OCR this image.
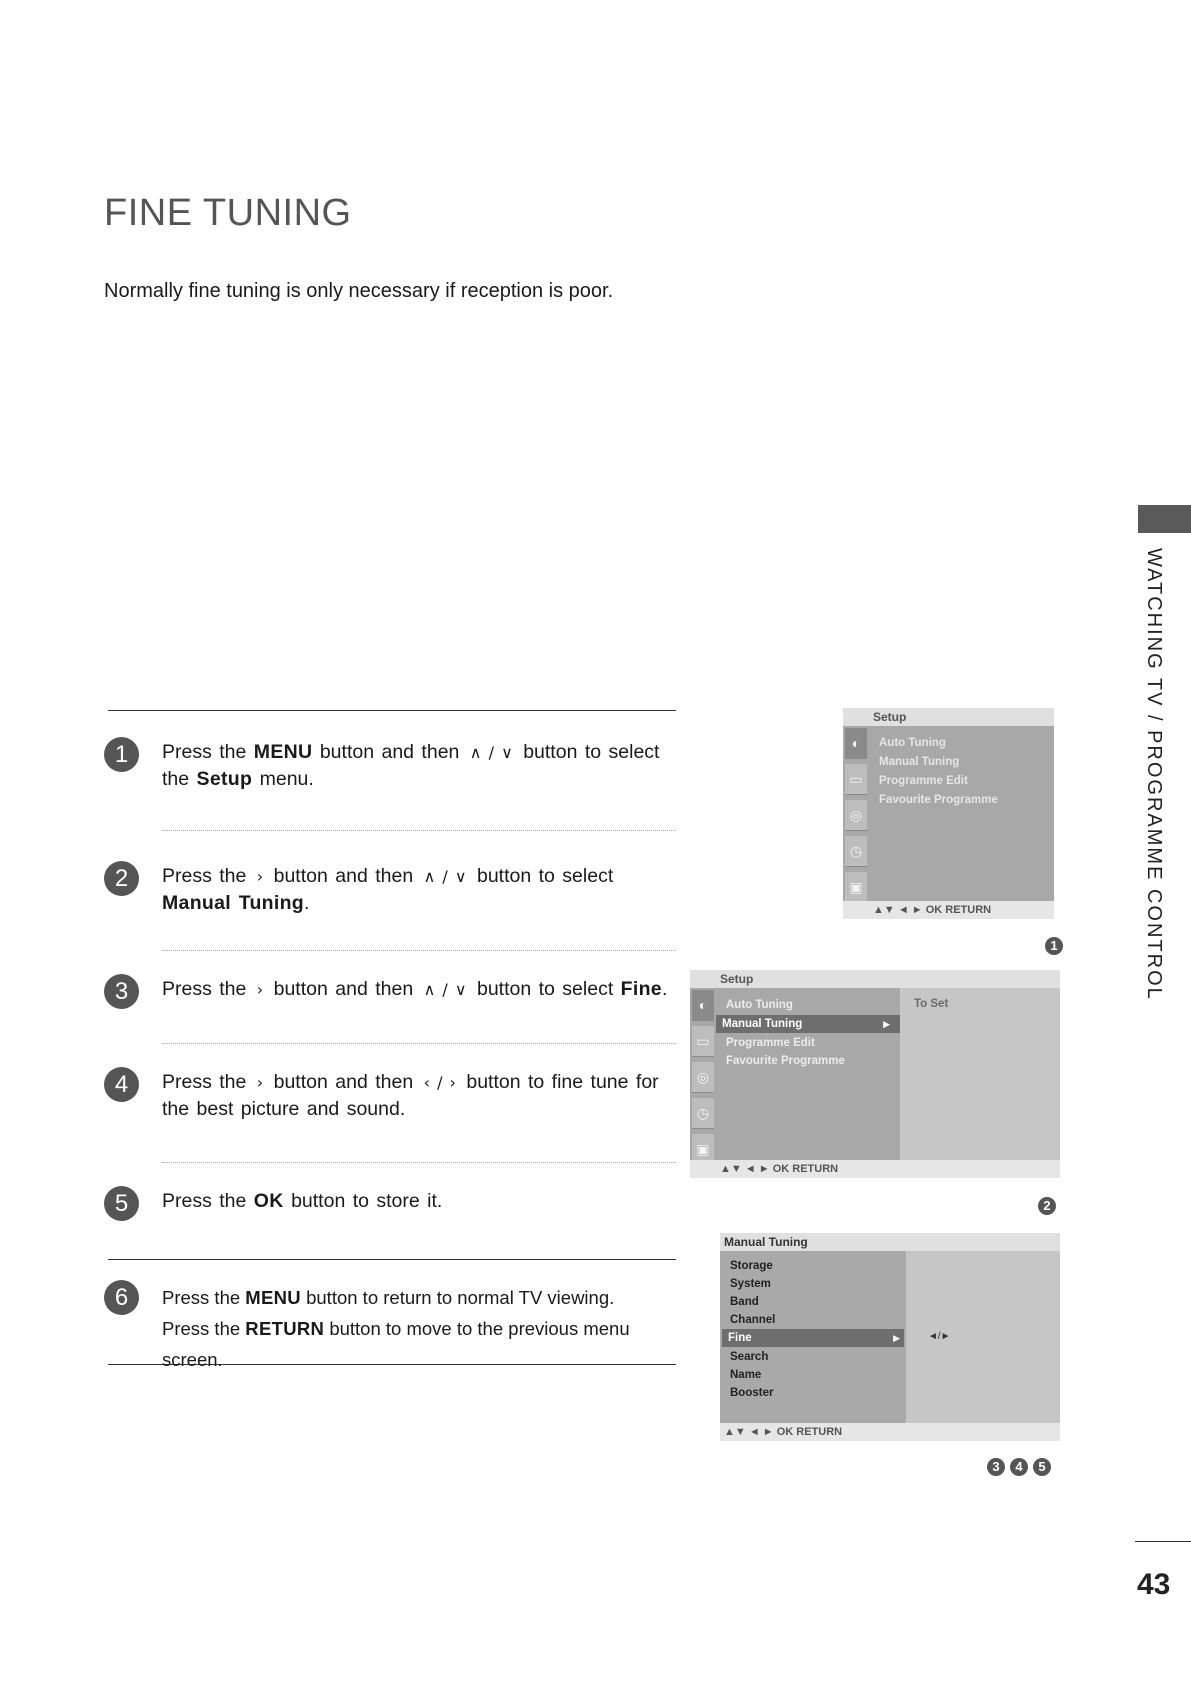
FINE TUNING

Normally fine tuning is only necessary if reception is poor.

WATCHING TV / PROGRAMME CONTROL
1	Press the MENU button and then ∧ / ∨ button to select the Setup menu.
2	Press the › button and then ∧ / ∨ button to select Manual Tuning.
3	Press the › button and then ∧ / ∨ button to select Fine.
4	Press the › button and then ‹ / › button to fine tune for the best picture and sound.
5	Press the OK button to store it.
6	Press the MENU button to return to normal TV viewing.
Press the RETURN button to move to the previous menu screen.
Setup
◐
▭
◎
◷
▣
Auto Tuning
Manual Tuning
Programme Edit
Favourite Programme
▲▼ ◄ ► OK RETURN
1
Setup
◐
▭
◎
◷
▣
Auto Tuning
Manual Tuning	▶
Programme Edit
Favourite Programme
To Set
▲▼ ◄ ► OK RETURN
2
Manual Tuning
Storage
System
Band
Channel
Fine	▶
Search
Name
Booster
◄/►
▲▼ ◄ ► OK RETURN
3	4	5
43
